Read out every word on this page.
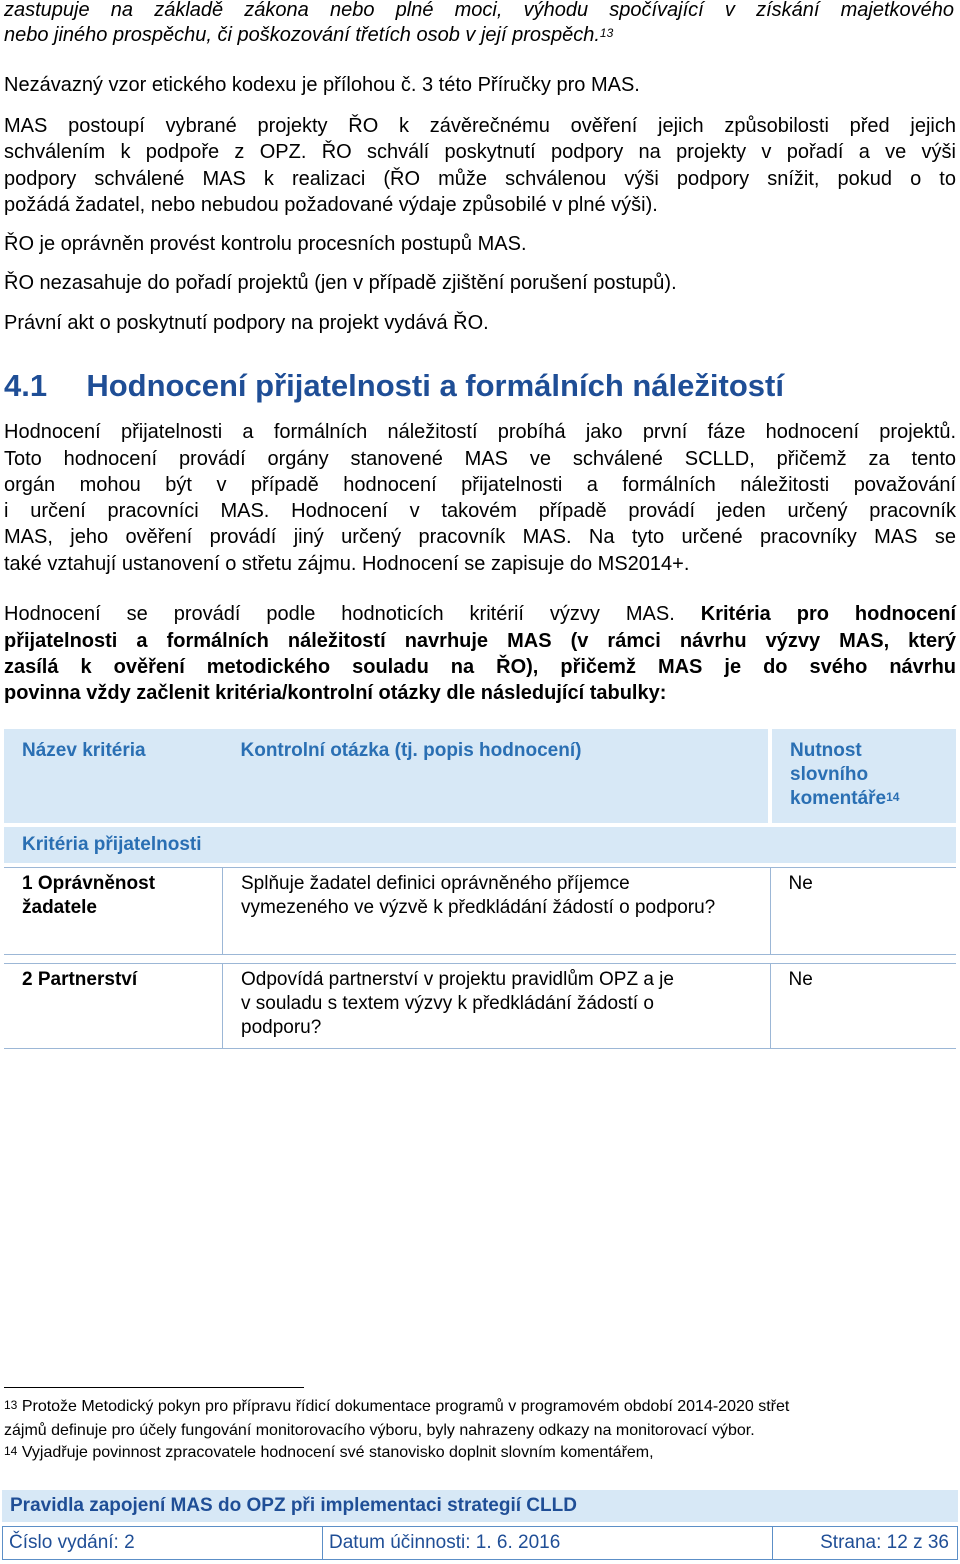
zastupuje na základě zákona nebo plné moci, výhodu spočívající v získání majetkového
nebo jiného prospěchu, či poškozování třetích osob v její prospěch.$^{13}$
Nezávazný vzor etického kodexu je přílohou č. 3 této Příručky pro MAS.
MAS postoupí vybrané projekty ŘO k závěrečnému ověření jejich způsobilosti před jejich
schválením k podpoře z OPZ. ŘO schválí poskytnutí podpory na projekty v pořadí a ve výši
podpory schválené MAS k realizaci (ŘO může schválenou výši podpory snížit, pokud o to
požádá žadatel, nebo nebudou požadované výdaje způsobilé v plné výši).
ŘO je oprávněn provést kontrolu procesních postupů MAS.
ŘO nezasahuje do pořadí projektů (jen v případě zjištění porušení postupů).
Právní akt o poskytnutí podpory na projekt vydává ŘO.
4.1 Hodnocení přijatelnosti a formálních náležitostí
Hodnocení přijatelnosti a formálních náležitostí probíhá jako první fáze hodnocení projektů.
Toto hodnocení provádí orgány stanovené MAS ve schválené SCLLD, přičemž za tento
orgán mohou být v případě hodnocení přijatelnosti a formálních náležitosti považování
i určení pracovníci MAS. Hodnocení v takovém případě provádí jeden určený pracovník
MAS, jeho ověření provádí jiný určený pracovník MAS. Na tyto určené pracovníky MAS se
také vztahují ustanovení o střetu zájmu. Hodnocení se zapisuje do MS2014+.
Hodnocení se provádí podle hodnoticích kritérií výzvy MAS. Kritéria pro hodnocení
přijatelnosti a formálních náležitostí navrhuje MAS (v rámci návrhu výzvy MAS, který
zasílá k ověření metodického souladu na ŘO), přičemž MAS je do svého návrhu
povinna vždy začlenit kritéria/kontrolní otázky dle následující tabulky:
Název kritéria	Kontrolní otázka (tj. popis hodnocení)	Nutnost
slovního
komentáře$^{14}$

Kritéria přijatelnosti		

1 Oprávněnost
žadatele	Splňuje žadatel definici oprávněného příjemce
vymezeného ve výzvě k předkládání žádostí o podporu?	Ne

2 Partnerství	Odpovídá partnerství v projektu pravidlům OPZ a je
v souladu s textem výzvy k předkládání žádostí o
podporu?	Ne
$^{13}$ Protože Metodický pokyn pro přípravu řídicí dokumentace programů v programovém období 2014-2020 střet
zájmů definuje pro účely fungování monitorovacího výboru, byly nahrazeny odkazy na monitorovací výbor.
$^{14}$ Vyjadřuje povinnost zpracovatele hodnocení své stanovisko doplnit slovním komentářem,
Pravidla zapojení MAS do OPZ při implementaci strategií CLLD
Číslo vydání: 2	Datum účinnosti: 1. 6. 2016	Strana: 12 z 36
